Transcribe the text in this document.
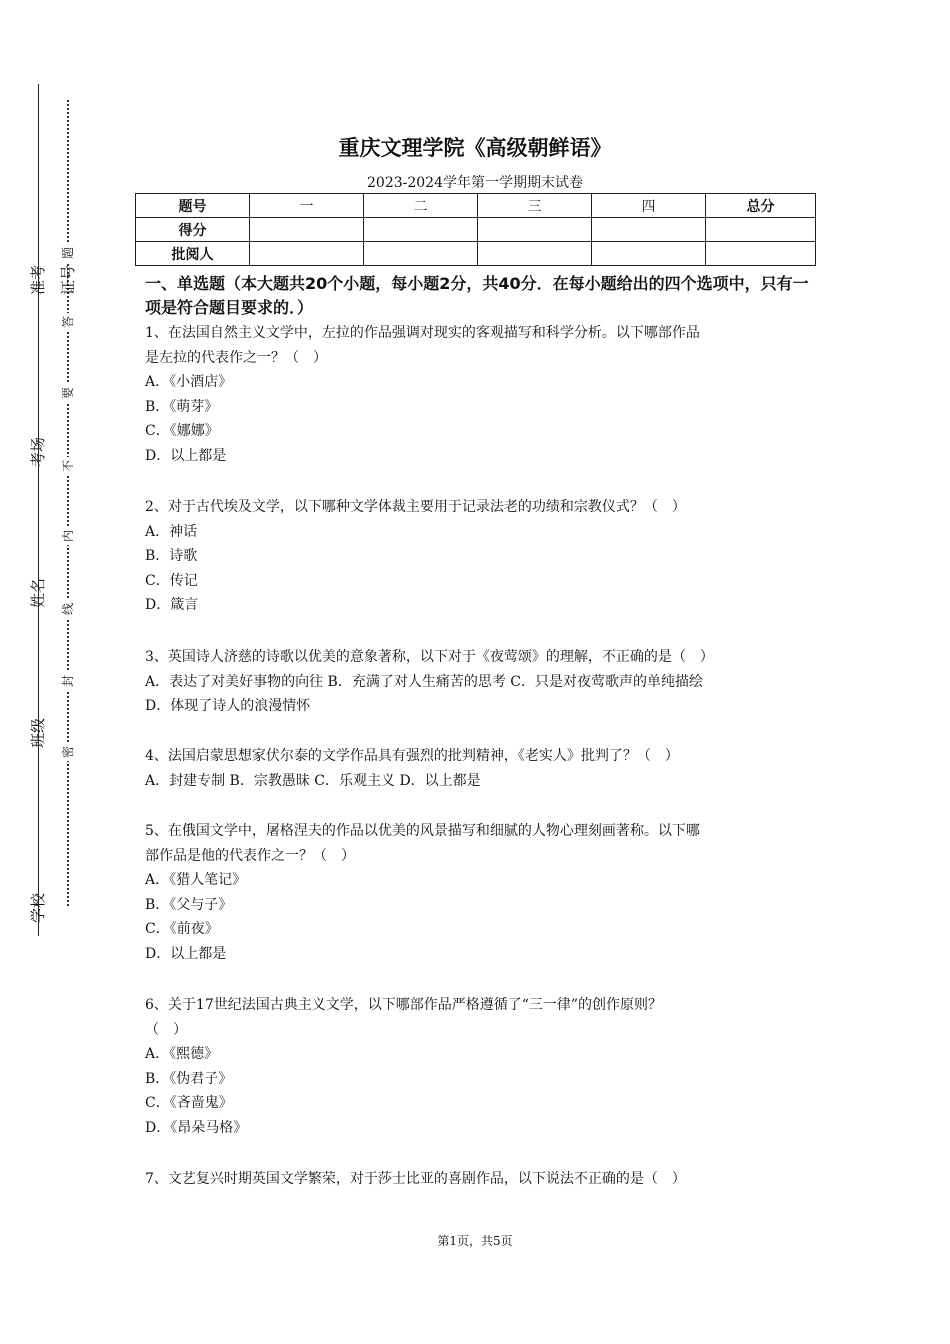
准考证号
考场
姓名
班级
学校
题
答
要
不
内
线
封
密
重庆文理学院《高级朝鲜语》
2023-2024学年第一学期期末试卷
题号	一	二	三	四	总分
得分					
批阅人					
一、单选题（本大题共20个小题，每小题2分，共40分．在每小题给出的四个选项中，只有一项是符合题目要求的．）

1、在法国自然主义文学中，左拉的作品强调对现实的客观描写和科学分析。以下哪部作品

是左拉的代表作之一？（　）

A．《小酒店》

B．《萌芽》

C．《娜娜》

D．以上都是

2、对于古代埃及文学，以下哪种文学体裁主要用于记录法老的功绩和宗教仪式？（　）

A．神话

B．诗歌

C．传记

D．箴言

3、英国诗人济慈的诗歌以优美的意象著称，以下对于《夜莺颂》的理解，不正确的是（　）

A．表达了对美好事物的向往 B．充满了对人生痛苦的思考 C．只是对夜莺歌声的单纯描绘

D．体现了诗人的浪漫情怀

4、法国启蒙思想家伏尔泰的文学作品具有强烈的批判精神，《老实人》批判了？（　）

A．封建专制 B．宗教愚昧 C．乐观主义 D．以上都是

5、在俄国文学中，屠格涅夫的作品以优美的风景描写和细腻的人物心理刻画著称。以下哪

部作品是他的代表作之一？（　）

A．《猎人笔记》

B．《父与子》

C．《前夜》

D．以上都是

6、关于17世纪法国古典主义文学，以下哪部作品严格遵循了“三一律”的创作原则？

（　）

A．《熙德》

B．《伪君子》

C．《吝啬鬼》

D．《昂朵马格》

7、文艺复兴时期英国文学繁荣，对于莎士比亚的喜剧作品，以下说法不正确的是（　）

第1页，共5页
